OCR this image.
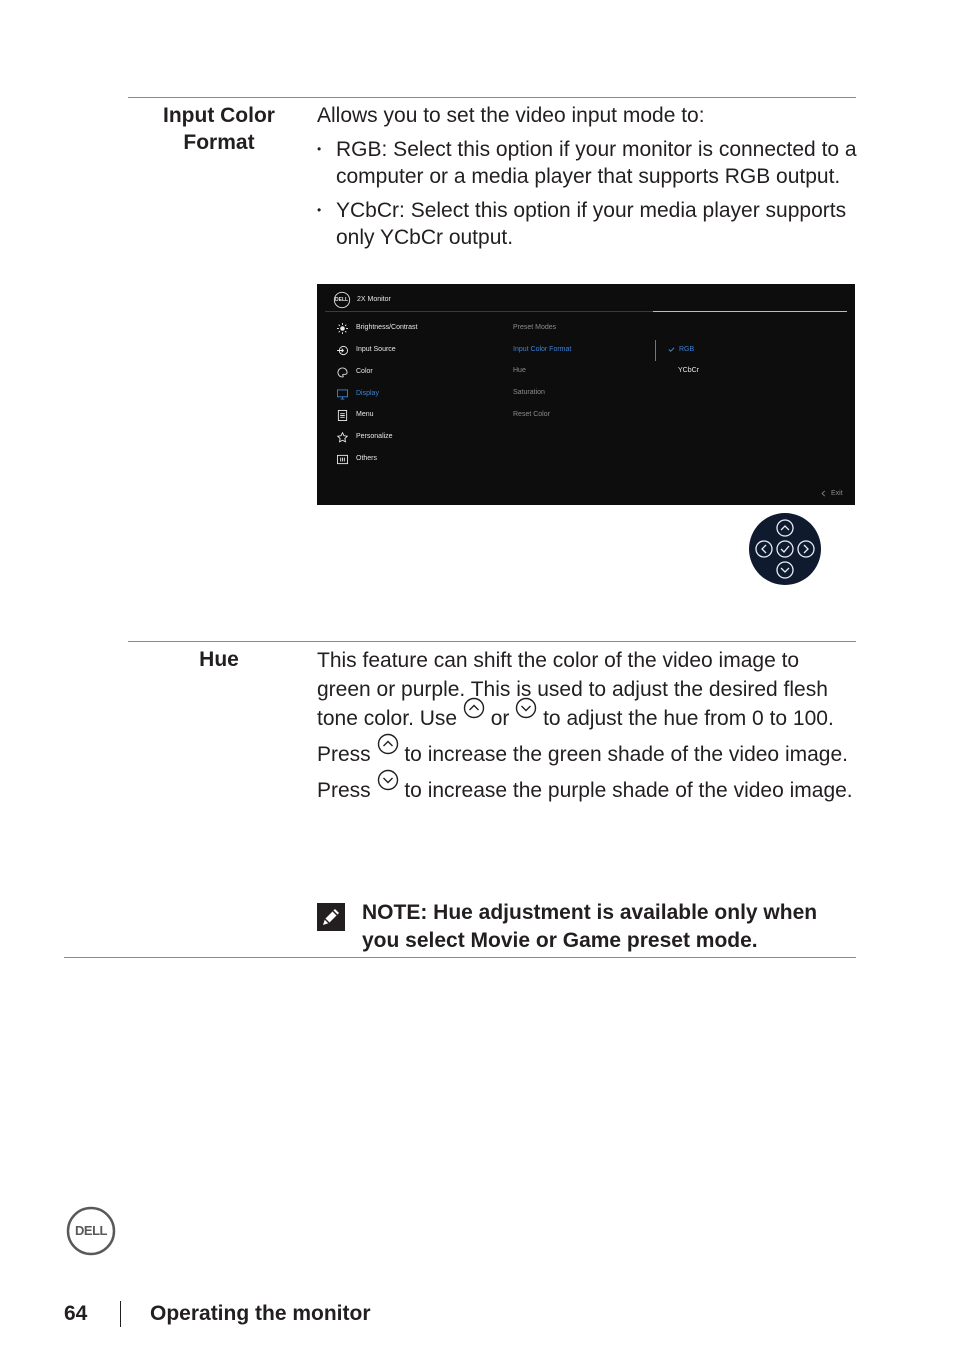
Input Color Format

Allows you to set the video input mode to:

• RGB: Select this option if your monitor is connected to a computer or a media player that supports RGB output.
• YCbCr: Select this option if your media player supports only YCbCr output.
DELL 2X Monitor
Brightness/Contrast
Input Source
Color
Display
Menu
Personalize
Others
Preset Modes
Input Color Format
Hue
Saturation
Reset Color
RGB
YCbCr
Exit
Hue	This feature can shift the color of the video image to green or purple. This is used to adjust the desired flesh tone color. Use  or  to adjust the hue from 0 to 100.

Press  to increase the green shade of the video image.

Press  to increase the purple shade of the video image.

NOTE: Hue adjustment is available only when you select Movie or Game preset mode.
DELL
64	Operating the monitor
